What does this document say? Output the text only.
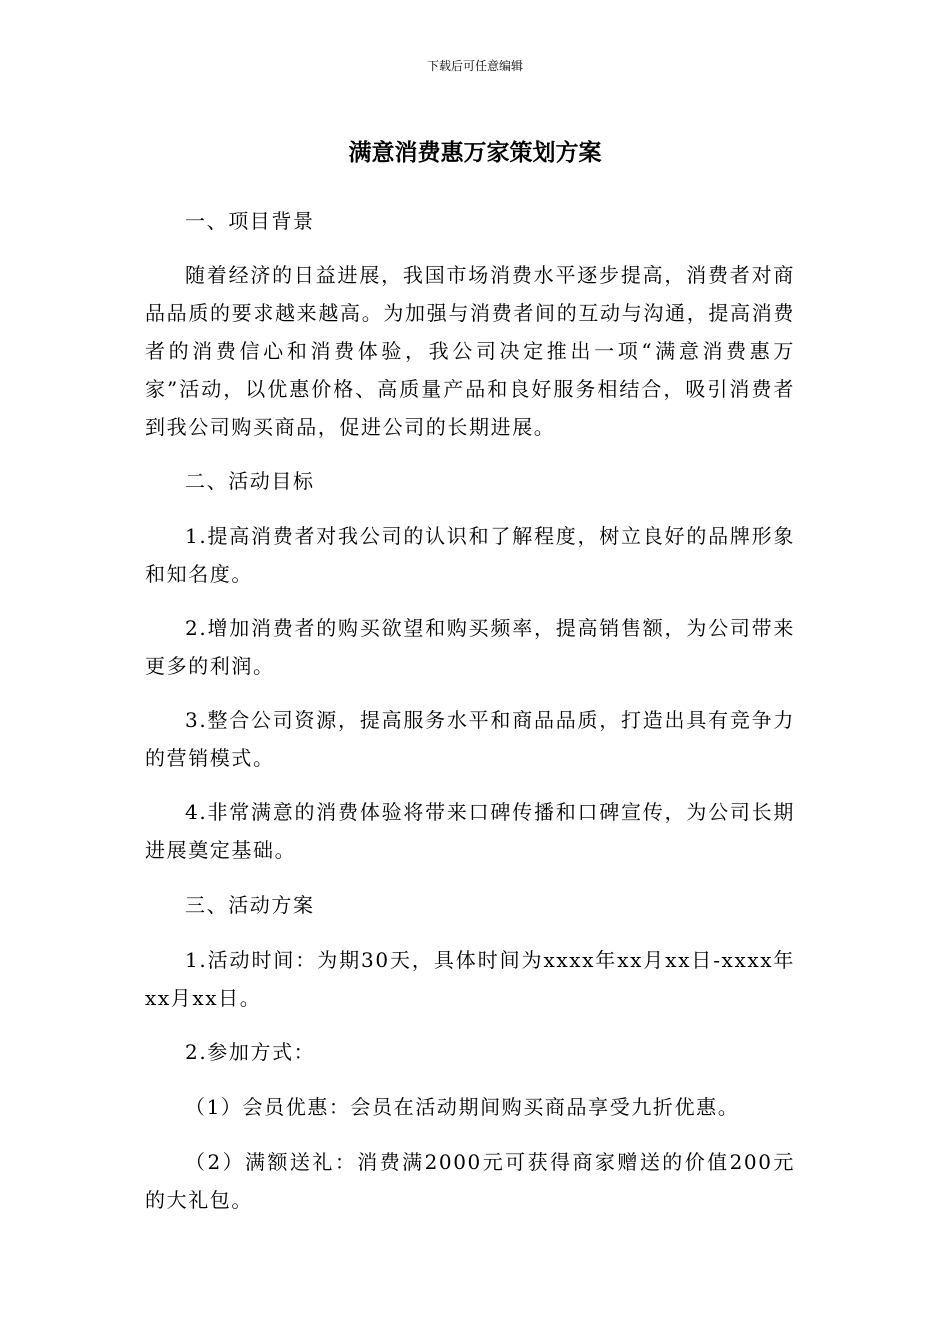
下载后可任意编辑
满意消费惠万家策划方案

一、项目背景

随着经济的日益进展，我国市场消费水平逐步提高，消费者对商品品质的要求越来越高。为加强与消费者间的互动与沟通，提高消费者的消费信心和消费体验，我公司决定推出一项“满意消费惠万家”活动，以优惠价格、高质量产品和良好服务相结合，吸引消费者到我公司购买商品，促进公司的长期进展。

二、活动目标

1.提高消费者对我公司的认识和了解程度，树立良好的品牌形象和知名度。

2.增加消费者的购买欲望和购买频率，提高销售额，为公司带来更多的利润。

3.整合公司资源，提高服务水平和商品品质，打造出具有竞争力的营销模式。

4.非常满意的消费体验将带来口碑传播和口碑宣传，为公司长期进展奠定基础。

三、活动方案

1.活动时间：为期30天，具体时间为xxxx年xx月xx日-xxxx年xx月xx日。

2.参加方式：

（1）会员优惠：会员在活动期间购买商品享受九折优惠。

（2）满额送礼：消费满2000元可获得商家赠送的价值200元的大礼包。
